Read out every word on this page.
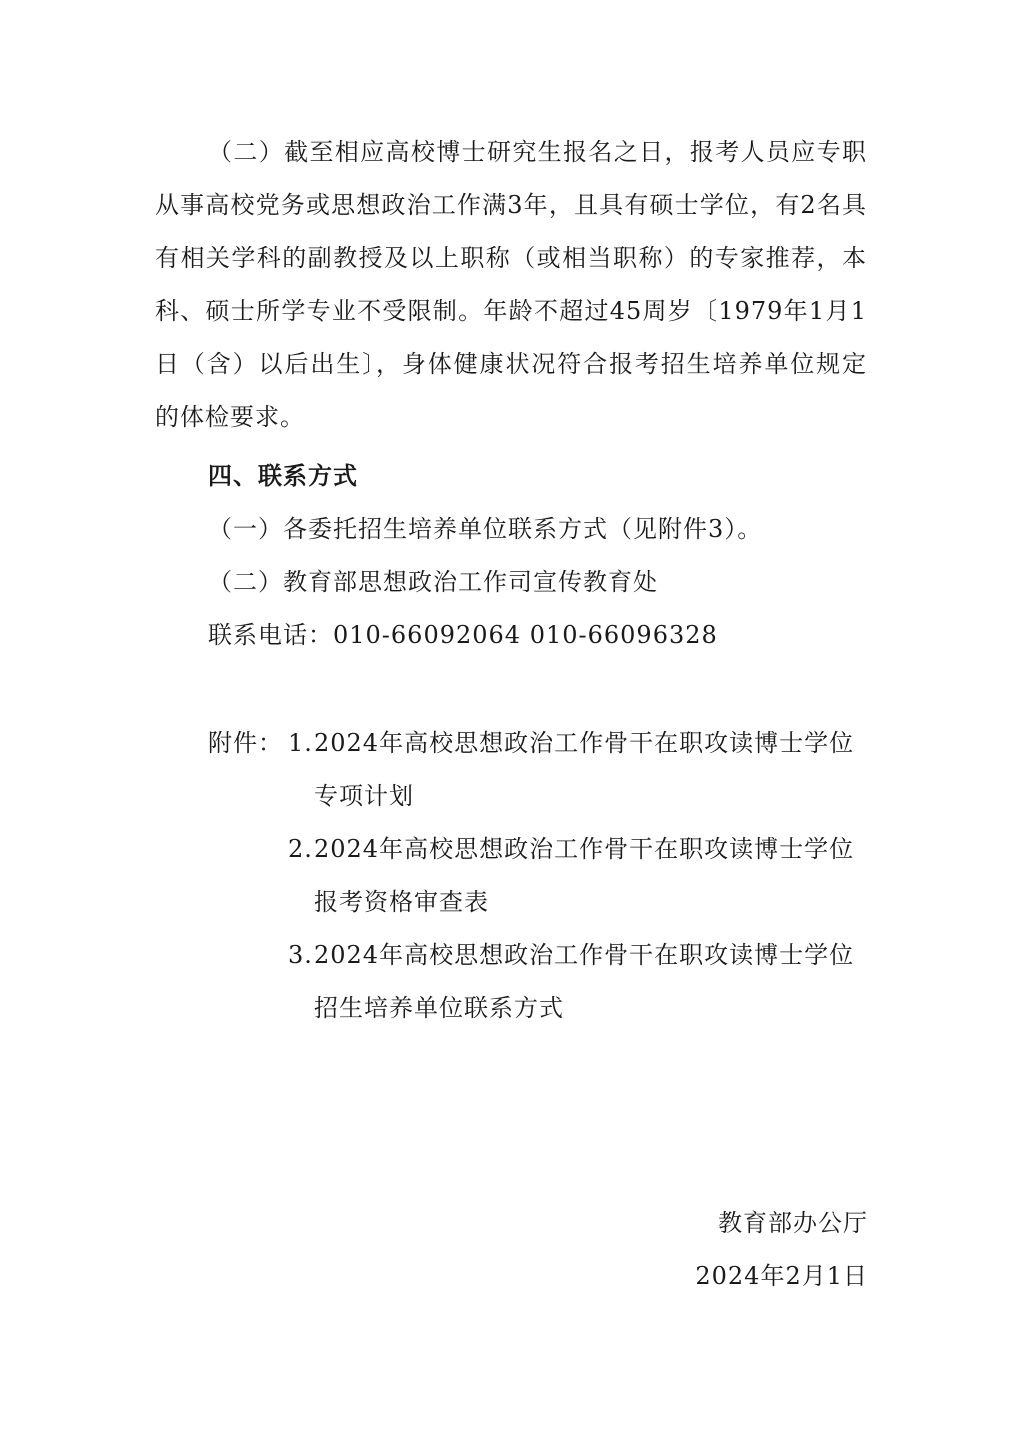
（二）截至相应高校博士研究生报名之日，报考人员应专职从事高校党务或思想政治工作满3年，且具有硕士学位，有2名具有相关学科的副教授及以上职称（或相当职称）的专家推荐，本科、硕士所学专业不受限制。年龄不超过45周岁〔1979年1月1日（含）以后出生〕，身体健康状况符合报考招生培养单位规定的体检要求。

四、联系方式

（一）各委托招生培养单位联系方式（见附件3）。

（二）教育部思想政治工作司宣传教育处

联系电话：010-66092064 010-66096328

附件： 1. 2024年高校思想政治工作骨干在职攻读博士学位专项计划
2. 2024年高校思想政治工作骨干在职攻读博士学位报考资格审查表
3. 2024年高校思想政治工作骨干在职攻读博士学位招生培养单位联系方式
教育部办公厅
2024年2月1日
